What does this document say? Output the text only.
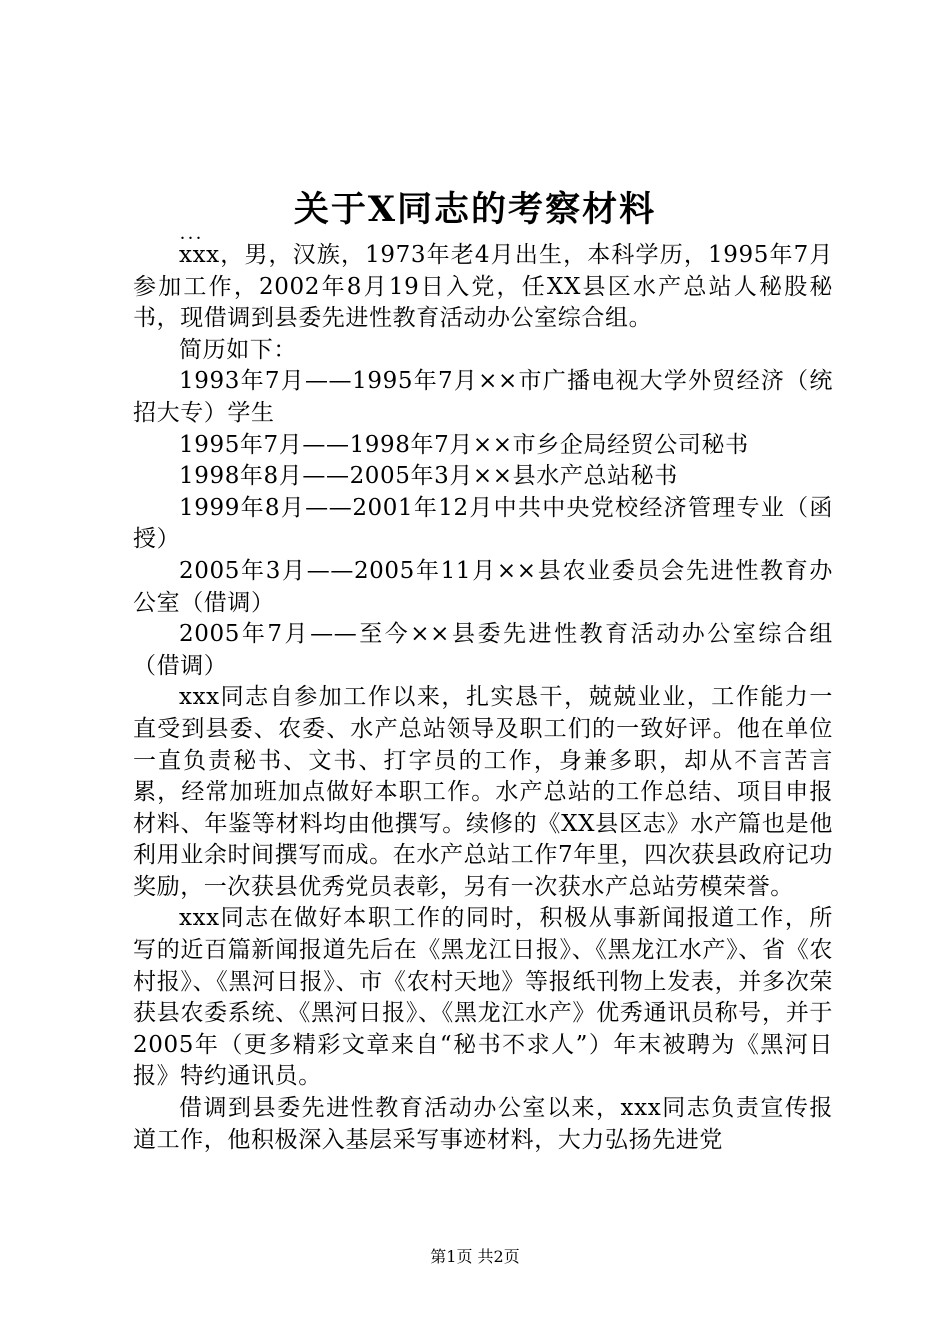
关于X同志的考察材料
...

xxx，男，汉族，1973年老4月出生，本科学历，1995年7月参加工作，2002年8月19日入党，任XX县区水产总站人秘股秘书，现借调到县委先进性教育活动办公室综合组。

简历如下：

1993年7月——1995年7月××市广播电视大学外贸经济（统招大专）学生

1995年7月——1998年7月××市乡企局经贸公司秘书

1998年8月——2005年3月××县水产总站秘书

1999年8月——2001年12月中共中央党校经济管理专业（函授）

2005年3月——2005年11月××县农业委员会先进性教育办公室（借调）

2005年7月——至今××县委先进性教育活动办公室综合组（借调）

xxx同志自参加工作以来，扎实恳干，兢兢业业，工作能力一直受到县委、农委、水产总站领导及职工们的一致好评。他在单位一直负责秘书、文书、打字员的工作，身兼多职，却从不言苦言累，经常加班加点做好本职工作。水产总站的工作总结、项目申报材料、年鉴等材料均由他撰写。续修的《XX县区志》水产篇也是他利用业余时间撰写而成。在水产总站工作7年里，四次获县政府记功奖励，一次获县优秀党员表彰，另有一次获水产总站劳模荣誉。

xxx同志在做好本职工作的同时，积极从事新闻报道工作，所写的近百篇新闻报道先后在《黑龙江日报》、《黑龙江水产》、省《农村报》、《黑河日报》、市《农村天地》等报纸刊物上发表，并多次荣获县农委系统、《黑河日报》、《黑龙江水产》优秀通讯员称号，并于2005年（更多精彩文章来自“秘书不求人”）年末被聘为《黑河日报》特约通讯员。

借调到县委先进性教育活动办公室以来，xxx同志负责宣传报道工作，他积极深入基层采写事迹材料，大力弘扬先进党

第1页 共2页
